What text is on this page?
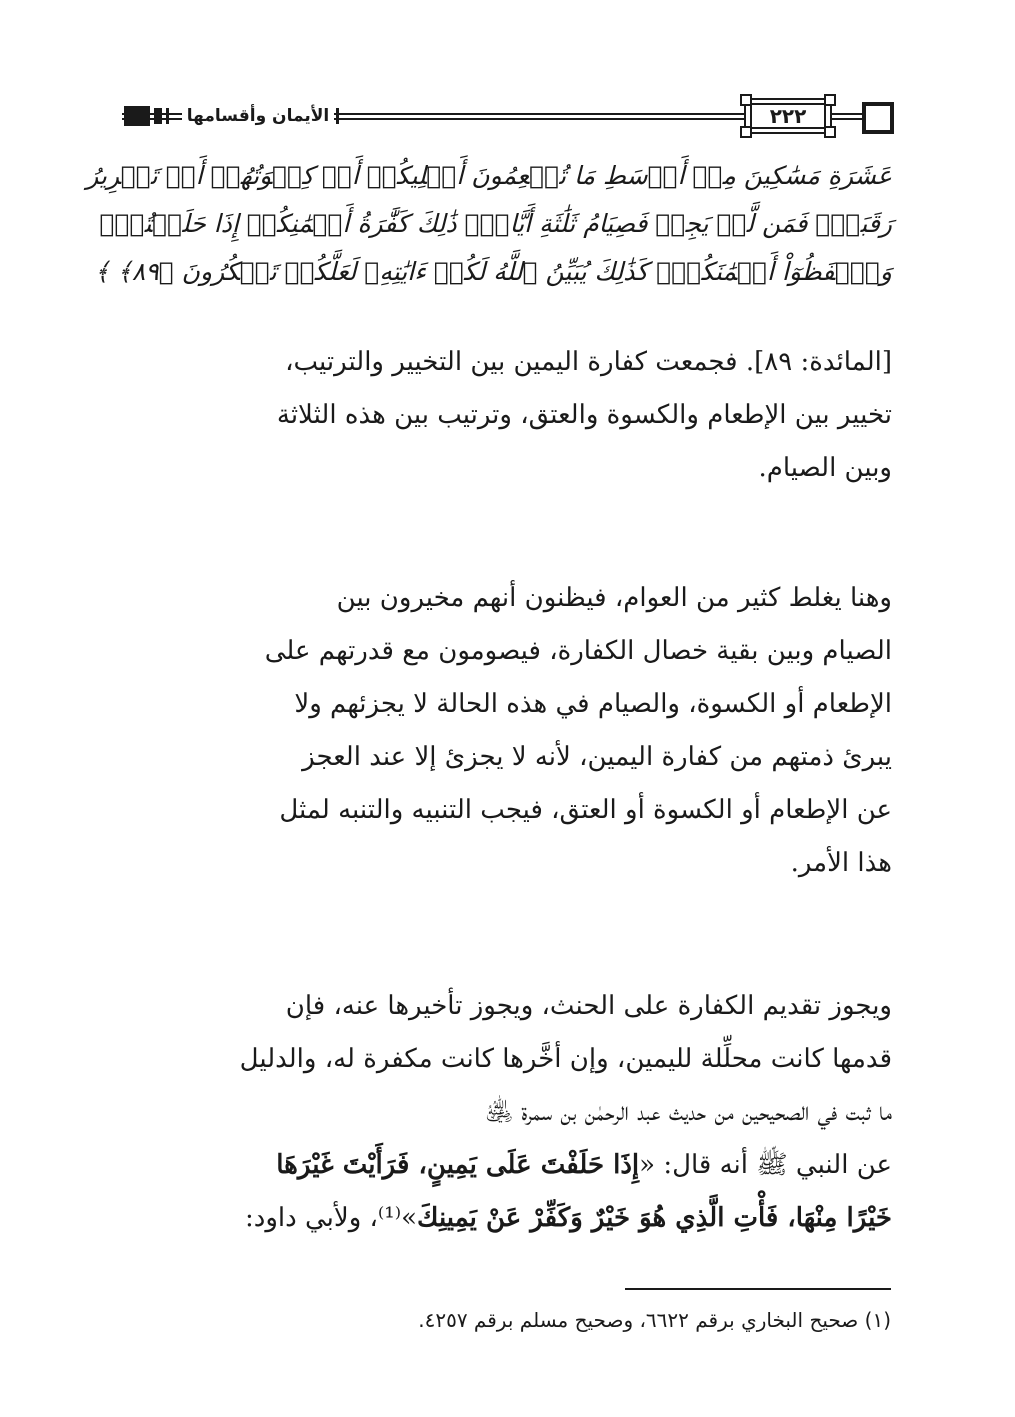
الأيمان وأقسامها	٢٢٢
عَشَرَةِ مَسَٰكِينَ مِنۡ أَوۡسَطِ مَا تُطۡعِمُونَ أَهۡلِيكُمۡ أَوۡ كِسۡوَتُهُمۡ أَوۡ تَحۡرِيرُ
رَقَبَةٖۖ فَمَن لَّمۡ يَجِدۡ فَصِيَامُ ثَلَٰثَةِ أَيَّامٖۚ ذَٰلِكَ كَفَّٰرَةُ أَيۡمَٰنِكُمۡ إِذَا حَلَفۡتُمۡۚ
وَٱحۡفَظُوٓاْ أَيۡمَٰنَكُمۡۚ كَذَٰلِكَ يُبَيِّنُ ٱللَّهُ لَكُمۡ ءَايَٰتِهِۦ لَعَلَّكُمۡ تَشۡكُرُونَ ﴿٨٩﴾ ﴾
[المائدة: ٨٩]. فجمعت كفارة اليمين بين التخيير والترتيب،
تخيير بين الإطعام والكسوة والعتق، وترتيب بين هذه الثلاثة
وبين الصيام.
وهنا يغلط كثير من العوام، فيظنون أنهم مخيرون بين
الصيام وبين بقية خصال الكفارة، فيصومون مع قدرتهم على
الإطعام أو الكسوة، والصيام في هذه الحالة لا يجزئهم ولا
يبرئ ذمتهم من كفارة اليمين، لأنه لا يجزئ إلا عند العجز
عن الإطعام أو الكسوة أو العتق، فيجب التنبيه والتنبه لمثل
هذا الأمر.
ويجوز تقديم الكفارة على الحنث، ويجوز تأخيرها عنه، فإن
قدمها كانت محلِّلة لليمين، وإن أخَّرها كانت مكفرة له، والدليل
ما ثبت في الصحيحين من حديث عبد الرحمٰن بن سمرة ﵁
عن النبي ﷺ أنه قال: «إِذَا حَلَفْتَ عَلَى يَمِينٍ، فَرَأَيْتَ غَيْرَهَا
خَيْرًا مِنْهَا، فَأْتِ الَّذِي هُوَ خَيْرٌ وَكَفِّرْ عَنْ يَمِينِكَ»⁽¹⁾، ولأبي داود:
(١) صحيح البخاري برقم ٦٦٢٢، وصحيح مسلم برقم ٤٢٥٧.
